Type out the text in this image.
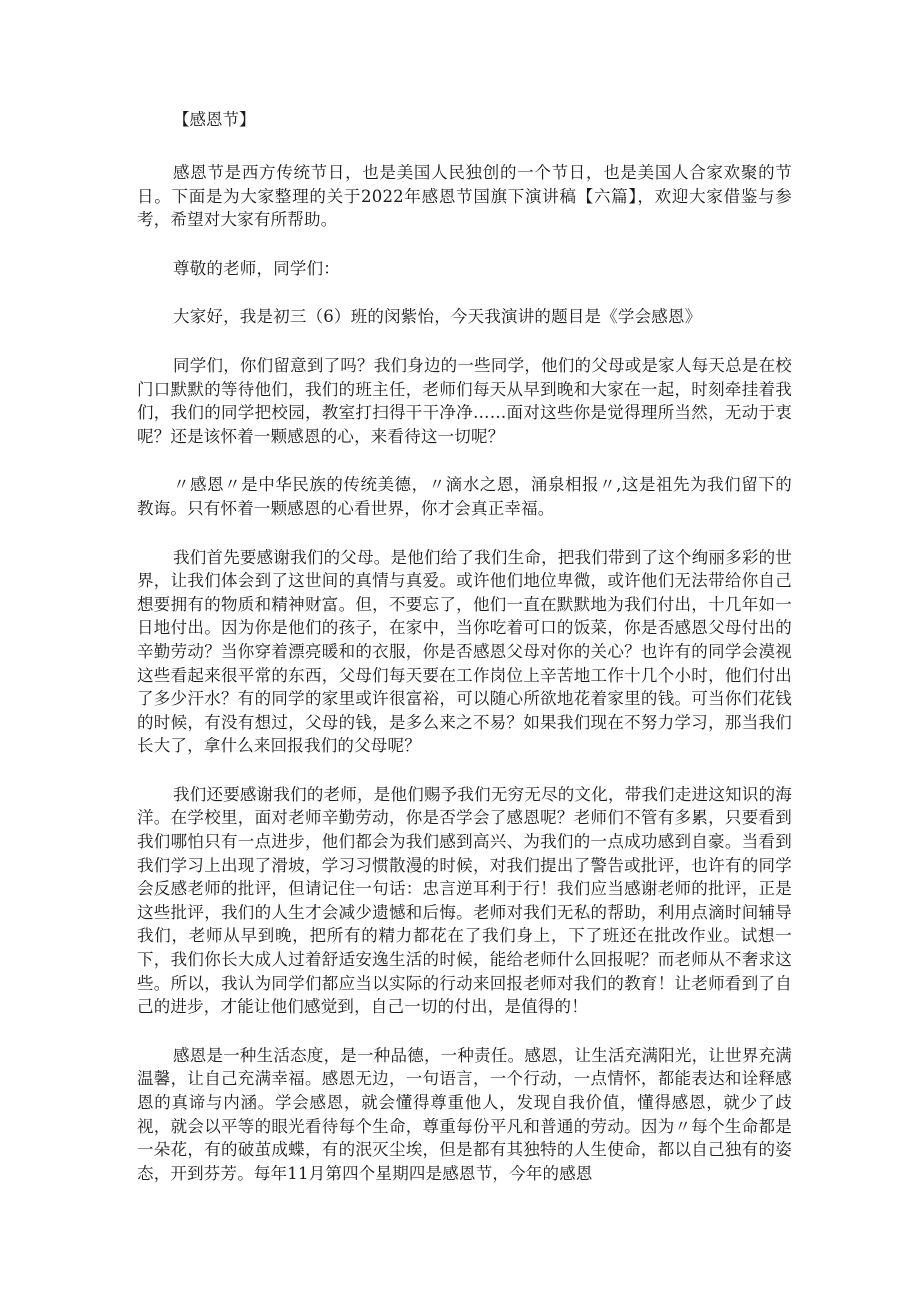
【感恩节】

感恩节是西方传统节日，也是美国人民独创的一个节日，也是美国人合家欢聚的节日。下面是为大家整理的关于2022年感恩节国旗下演讲稿【六篇】，欢迎大家借鉴与参考，希望对大家有所帮助。

尊敬的老师，同学们：

大家好，我是初三（6）班的闵紫怡，今天我演讲的题目是《学会感恩》

同学们，你们留意到了吗？我们身边的一些同学，他们的父母或是家人每天总是在校门口默默的等待他们，我们的班主任，老师们每天从早到晚和大家在一起，时刻牵挂着我们，我们的同学把校园，教室打扫得干干净净……面对这些你是觉得理所当然，无动于衷呢？还是该怀着一颗感恩的心，来看待这一切呢？

〃感恩〃是中华民族的传统美德，〃滴水之恩，涌泉相报〃,这是祖先为我们留下的教诲。只有怀着一颗感恩的心看世界，你才会真正幸福。

我们首先要感谢我们的父母。是他们给了我们生命，把我们带到了这个绚丽多彩的世界，让我们体会到了这世间的真情与真爱。或许他们地位卑微，或许他们无法带给你自己想要拥有的物质和精神财富。但，不要忘了，他们一直在默默地为我们付出，十几年如一日地付出。因为你是他们的孩子，在家中，当你吃着可口的饭菜，你是否感恩父母付出的辛勤劳动？当你穿着漂亮暖和的衣服，你是否感恩父母对你的关心？也许有的同学会漠视这些看起来很平常的东西，父母们每天要在工作岗位上辛苦地工作十几个小时，他们付出了多少汗水？有的同学的家里或许很富裕，可以随心所欲地花着家里的钱。可当你们花钱的时候，有没有想过，父母的钱，是多么来之不易？如果我们现在不努力学习，那当我们长大了，拿什么来回报我们的父母呢？

我们还要感谢我们的老师，是他们赐予我们无穷无尽的文化，带我们走进这知识的海洋。在学校里，面对老师辛勤劳动，你是否学会了感恩呢？老师们不管有多累，只要看到我们哪怕只有一点进步，他们都会为我们感到高兴、为我们的一点成功感到自豪。当看到我们学习上出现了滑坡，学习习惯散漫的时候，对我们提出了警告或批评，也许有的同学会反感老师的批评，但请记住一句话：忠言逆耳利于行！我们应当感谢老师的批评，正是这些批评，我们的人生才会减少遗憾和后悔。老师对我们无私的帮助，利用点滴时间辅导我们，老师从早到晚，把所有的精力都花在了我们身上，下了班还在批改作业。试想一下，我们你长大成人过着舒适安逸生活的时候，能给老师什么回报呢？而老师从不奢求这些。所以，我认为同学们都应当以实际的行动来回报老师对我们的教育！让老师看到了自己的进步，才能让他们感觉到，自己一切的付出，是值得的！

感恩是一种生活态度，是一种品德，一种责任。感恩，让生活充满阳光，让世界充满温馨，让自己充满幸福。感恩无边，一句语言，一个行动，一点情怀，都能表达和诠释感恩的真谛与内涵。学会感恩，就会懂得尊重他人，发现自我价值，懂得感恩，就少了歧视，就会以平等的眼光看待每个生命，尊重每份平凡和普通的劳动。因为〃每个生命都是一朵花，有的破茧成蝶，有的泯灭尘埃，但是都有其独特的人生使命，都以自己独有的姿态，开到芬芳。每年11月第四个星期四是感恩节，今年的感恩
